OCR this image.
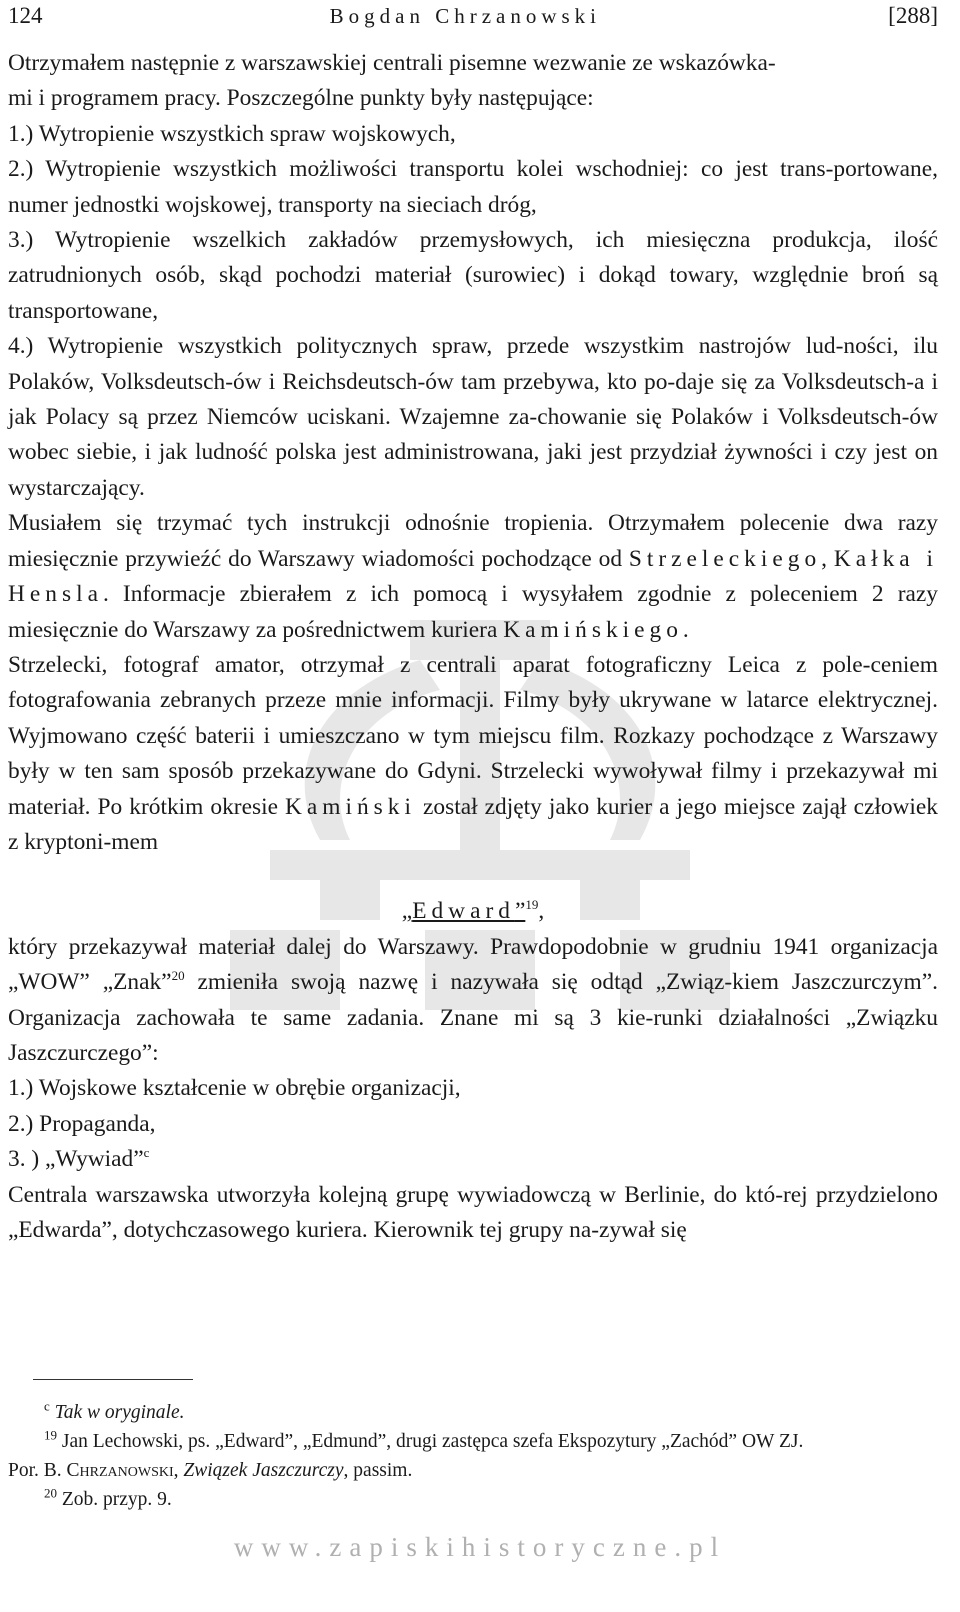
124	Bogdan Chrzanowski	[288]

Otrzymałem następnie z warszawskiej centrali pisemne wezwanie ze wskazówka-
mi i programem pracy. Poszczególne punkty były następujące:

1.) Wytropienie wszystkich spraw wojskowych,

2.) Wytropienie wszystkich możliwości transportu kolei wschodniej: co jest trans-portowane, numer jednostki wojskowej, transporty na sieciach dróg,

3.) Wytropienie wszelkich zakładów przemysłowych, ich miesięczna produkcja, ilość zatrudnionych osób, skąd pochodzi materiał (surowiec) i dokąd towary, względnie broń są transportowane,

4.) Wytropienie wszystkich politycznych spraw, przede wszystkim nastrojów lud-ności, ilu Polaków, Volksdeutsch-ów i Reichsdeutsch-ów tam przebywa, kto po-daje się za Volksdeutsch-a i jak Polacy są przez Niemców uciskani. Wzajemne za-chowanie się Polaków i Volksdeutsch-ów wobec siebie, i jak ludność polska jest administrowana, jaki jest przydział żywności i czy jest on wystarczający.

Musiałem się trzymać tych instrukcji odnośnie tropienia. Otrzymałem polecenie dwa razy miesięcznie przywieźć do Warszawy wiadomości pochodzące od Strzeleckiego, Kałka i Hensla. Informacje zbierałem z ich pomocą i wysyłałem zgodnie z poleceniem 2 razy miesięcznie do Warszawy za pośrednictwem kuriera Kamińskiego.

Strzelecki, fotograf amator, otrzymał z centrali aparat fotograficzny Leica z pole-ceniem fotografowania zebranych przeze mnie informacji. Filmy były ukrywane w latarce elektrycznej. Wyjmowano część baterii i umieszczano w tym miejscu film. Rozkazy pochodzące z Warszawy były w ten sam sposób przekazywane do Gdyni. Strzelecki wywoływał filmy i przekazywał mi materiał. Po krótkim okresie Kamiński został zdjęty jako kurier a jego miejsce zajął człowiek z kryptoni-mem

„Edward”$^{19}$,

który przekazywał materiał dalej do Warszawy. Prawdopodobnie w grudniu 1941 organizacja „WOW” „Znak”$^{20}$ zmieniła swoją nazwę i nazywała się odtąd „Związ-kiem Jaszczurczym”. Organizacja zachowała te same zadania. Znane mi są 3 kie-runki działalności „Związku Jaszczurczego”:

1.) Wojskowe kształcenie w obrębie organizacji,

2.) Propaganda,

3. ) „Wywiad”$^c$

Centrala warszawska utworzyła kolejną grupę wywiadowczą w Berlinie, do któ-rej przydzielono „Edwarda”, dotychczasowego kuriera. Kierownik tej grupy na-zywał się

$^c$ Tak w oryginale.

$^{19}$ Jan Lechowski, ps. „Edward”, „Edmund”, drugi zastępca szefa Ekspozytury „Zachód” OW ZJ.

Por. B. Chrzanowski, Związek Jaszczurczy, passim.

$^{20}$ Zob. przyp. 9.

www.zapiskihistoryczne.pl
